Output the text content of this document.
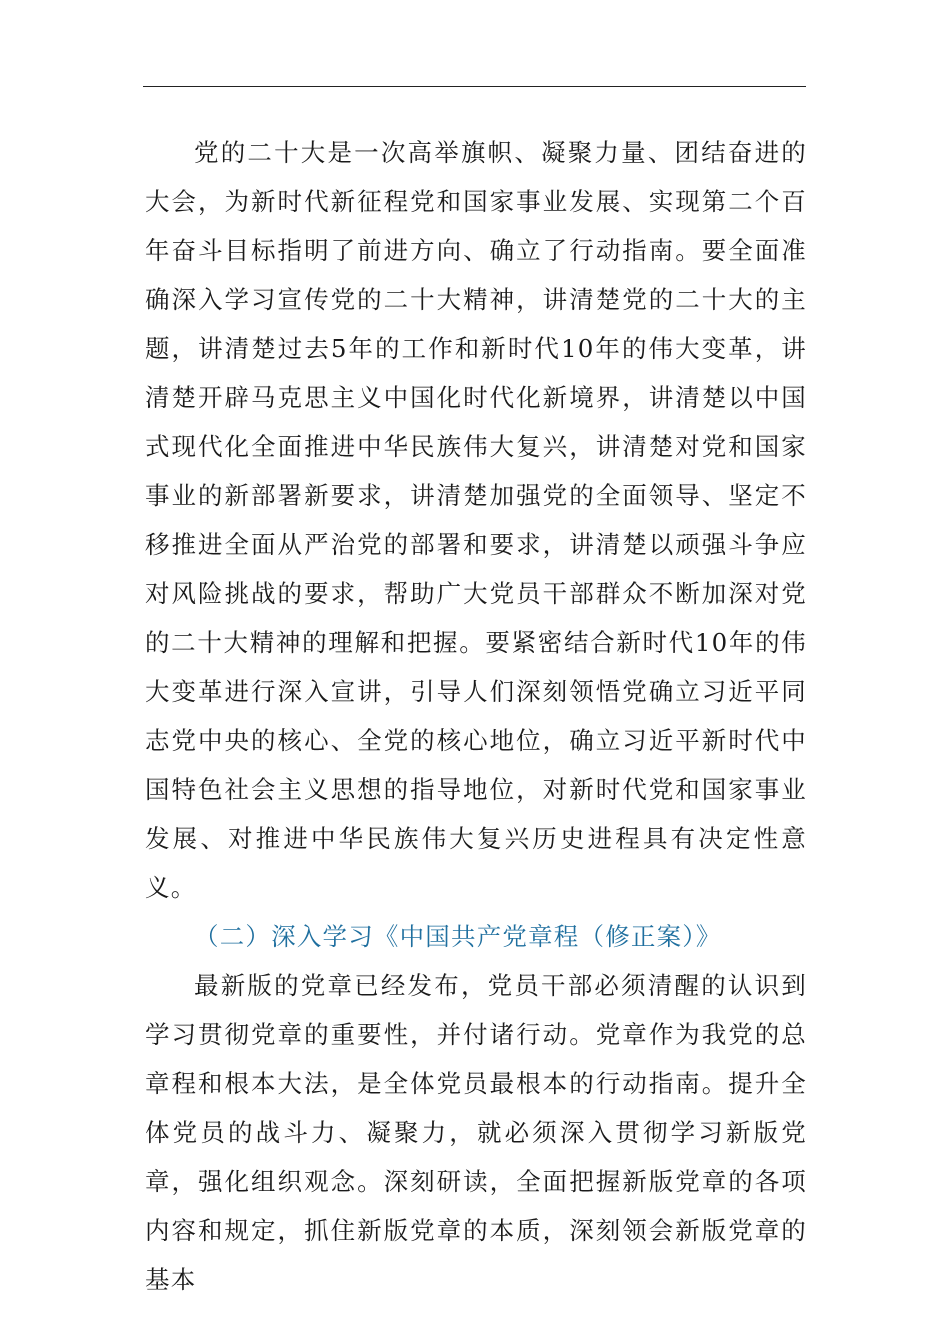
党的二十大是一次高举旗帜、凝聚力量、团结奋进的大会，为新时代新征程党和国家事业发展、实现第二个百年奋斗目标指明了前进方向、确立了行动指南。要全面准确深入学习宣传党的二十大精神，讲清楚党的二十大的主题，讲清楚过去5年的工作和新时代10年的伟大变革，讲清楚开辟马克思主义中国化时代化新境界，讲清楚以中国式现代化全面推进中华民族伟大复兴，讲清楚对党和国家事业的新部署新要求，讲清楚加强党的全面领导、坚定不移推进全面从严治党的部署和要求，讲清楚以顽强斗争应对风险挑战的要求，帮助广大党员干部群众不断加深对党的二十大精神的理解和把握。要紧密结合新时代10年的伟大变革进行深入宣讲，引导人们深刻领悟党确立习近平同志党中央的核心、全党的核心地位，确立习近平新时代中国特色社会主义思想的指导地位，对新时代党和国家事业发展、对推进中华民族伟大复兴历史进程具有决定性意义。

（二）深入学习《中国共产党章程（修正案）》

最新版的党章已经发布，党员干部必须清醒的认识到学习贯彻党章的重要性，并付诸行动。党章作为我党的总章程和根本大法，是全体党员最根本的行动指南。提升全体党员的战斗力、凝聚力，就必须深入贯彻学习新版党章，强化组织观念。深刻研读，全面把握新版党章的各项内容和规定，抓住新版党章的本质，深刻领会新版党章的基本
